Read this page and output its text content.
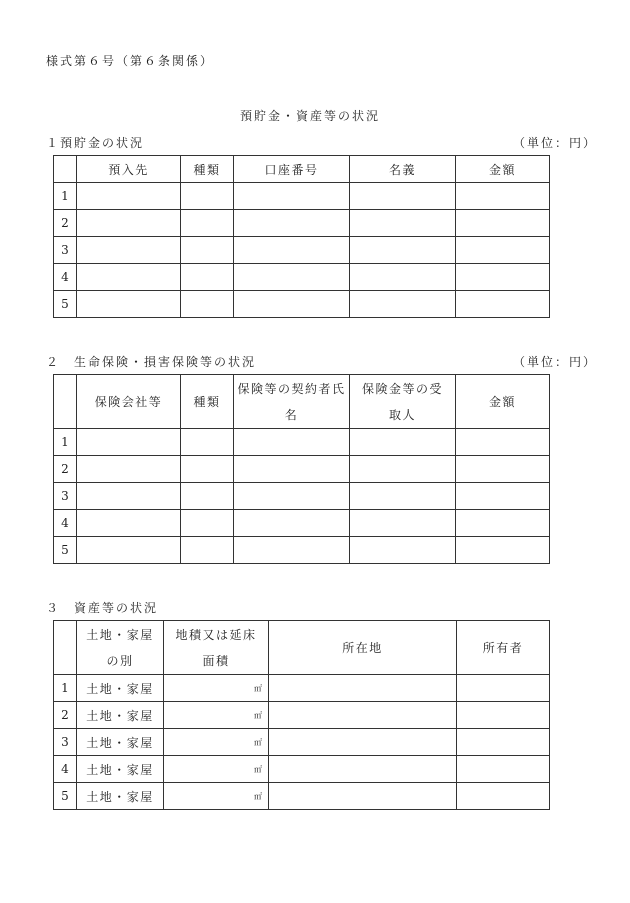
様式第６号（第６条関係）
預貯金・資産等の状況
１預貯金の状況	（単位：円）
	預入先	種類	口座番号	名義	金額
1					
2					
3					
4					
5					
２　生命保険・損害保険等の状況	（単位：円）
	保険会社等	種類	保険等の契約者氏名	保険金等の受取人	金額
1					
2					
3					
4					
5					
３　資産等の状況
	土地・家屋の別	地積又は延床面積	所在地	所有者
1	土地・家屋	㎡		
2	土地・家屋	㎡		
3	土地・家屋	㎡		
4	土地・家屋	㎡		
5	土地・家屋	㎡		
